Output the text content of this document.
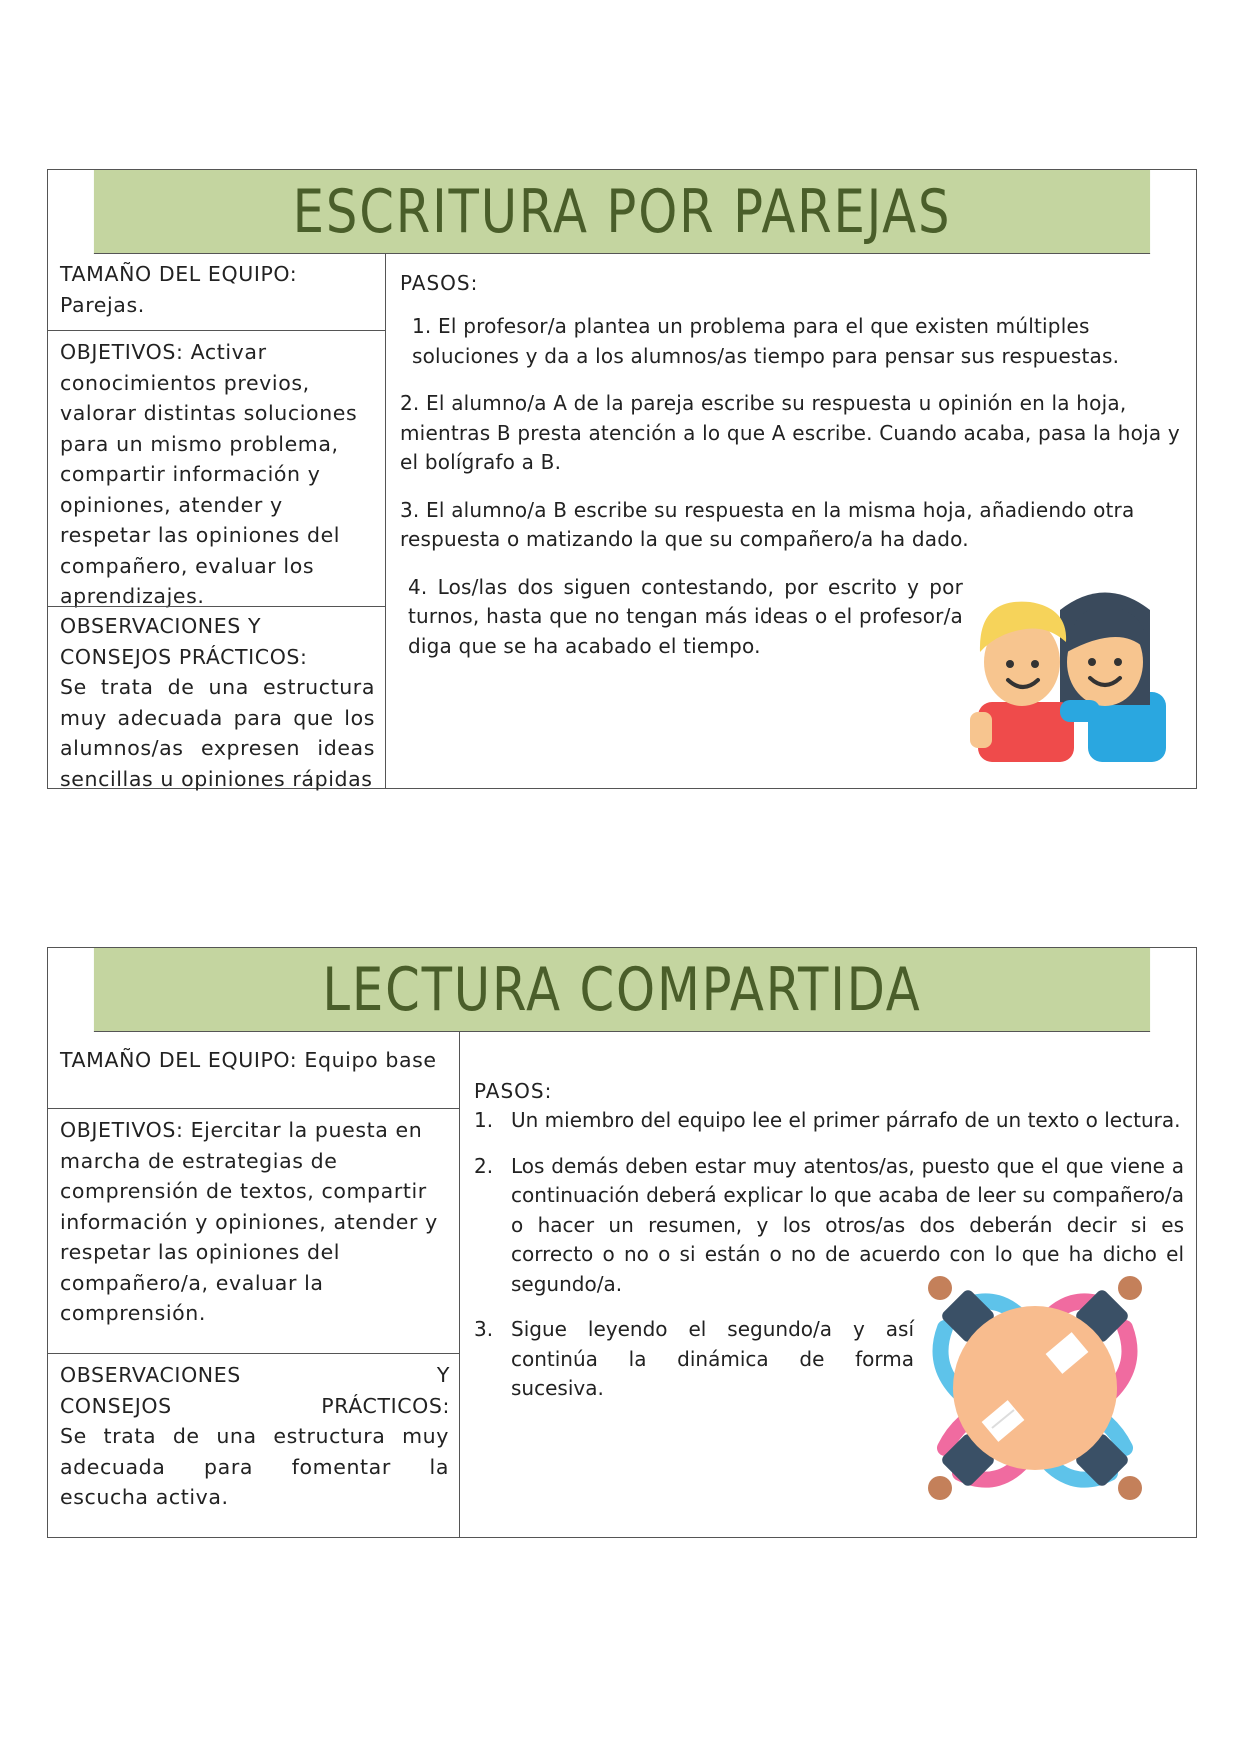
ESCRITURA POR PAREJAS
TAMAÑO DEL EQUIPO: Parejas.
OBJETIVOS: Activar conocimientos previos, valorar distintas soluciones para un mismo problema, compartir información y opiniones, atender y respetar las opiniones del compañero, evaluar los aprendizajes.
OBSERVACIONES Y CONSEJOS PRÁCTICOS:
Se trata de una estructura muy adecuada para que los alumnos/as expresen ideas sencillas u opiniones rápidas
PASOS:
1. El profesor/a plantea un problema para el que existen múltiples soluciones y da a los alumnos/as tiempo para pensar sus respuestas.
2. El alumno/a A de la pareja escribe su respuesta u opinión en la hoja, mientras B presta atención a lo que A escribe. Cuando acaba, pasa la hoja y el bolígrafo a B.
3. El alumno/a B escribe su respuesta en la misma hoja, añadiendo otra respuesta o matizando la que su compañero/a ha dado.
4. Los/las dos siguen contestando, por escrito y por turnos, hasta que no tengan más ideas o el profesor/a diga que se ha acabado el tiempo.
LECTURA COMPARTIDA
TAMAÑO DEL EQUIPO: Equipo base
OBJETIVOS: Ejercitar la puesta en marcha de estrategias de comprensión de textos, compartir información y opiniones, atender y respetar las opiniones del compañero/a, evaluar la comprensión.
OBSERVACIONES Y CONSEJOS PRÁCTICOS:
Se trata de una estructura muy adecuada para fomentar la escucha activa.
PASOS:
1. Un miembro del equipo lee el primer párrafo de un texto o lectura.
2. Los demás deben estar muy atentos/as, puesto que el que viene a continuación deberá explicar lo que acaba de leer su compañero/a o hacer un resumen, y los otros/as dos deberán decir si es correcto o no o si están o no de acuerdo con lo que ha dicho el segundo/a.
3. Sigue leyendo el segundo/a y así continúa la dinámica de forma sucesiva.
